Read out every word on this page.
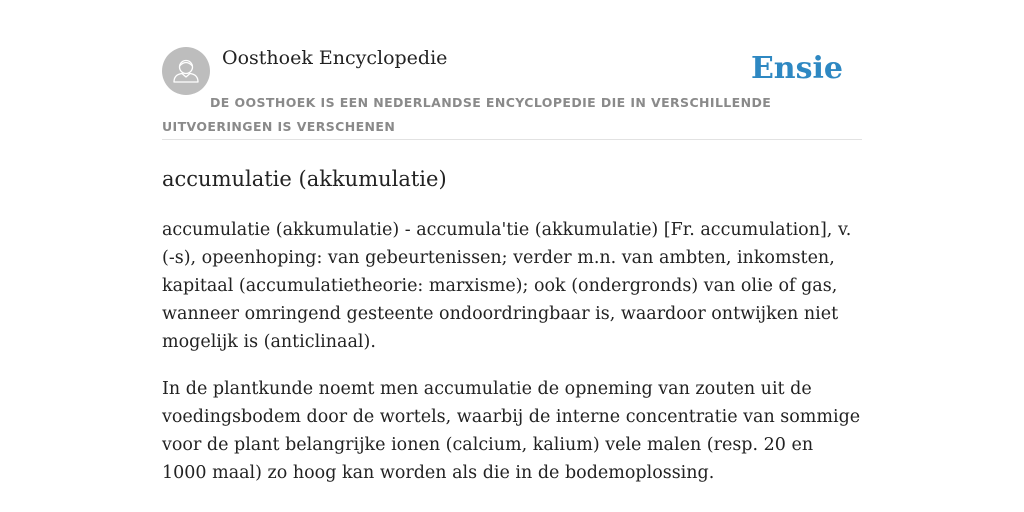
Oosthoek Encyclopedie	Ensie
DE OOSTHOEK IS EEN NEDERLANDSE ENCYCLOPEDIE DIE IN VERSCHILLENDE UITVOERINGEN IS VERSCHENEN
accumulatie (akkumulatie)

accumulatie (akkumulatie) - accumula'tie (akkumulatie) [Fr. accumulation], v. (-s), opeenhoping: van gebeurtenissen; verder m.n. van ambten, inkomsten, kapitaal (accumulatietheorie: marxisme); ook (ondergronds) van olie of gas, wanneer omringend gesteente ondoordringbaar is, waardoor ontwijken niet mogelijk is (anticlinaal).

In de plantkunde noemt men accumulatie de opneming van zouten uit de voedingsbodem door de wortels, waarbij de interne concentratie van sommige voor de plant belangrijke ionen (calcium, kalium) vele malen (resp. 20 en 1000 maal) zo hoog kan worden als die in de bodemoplossing.
